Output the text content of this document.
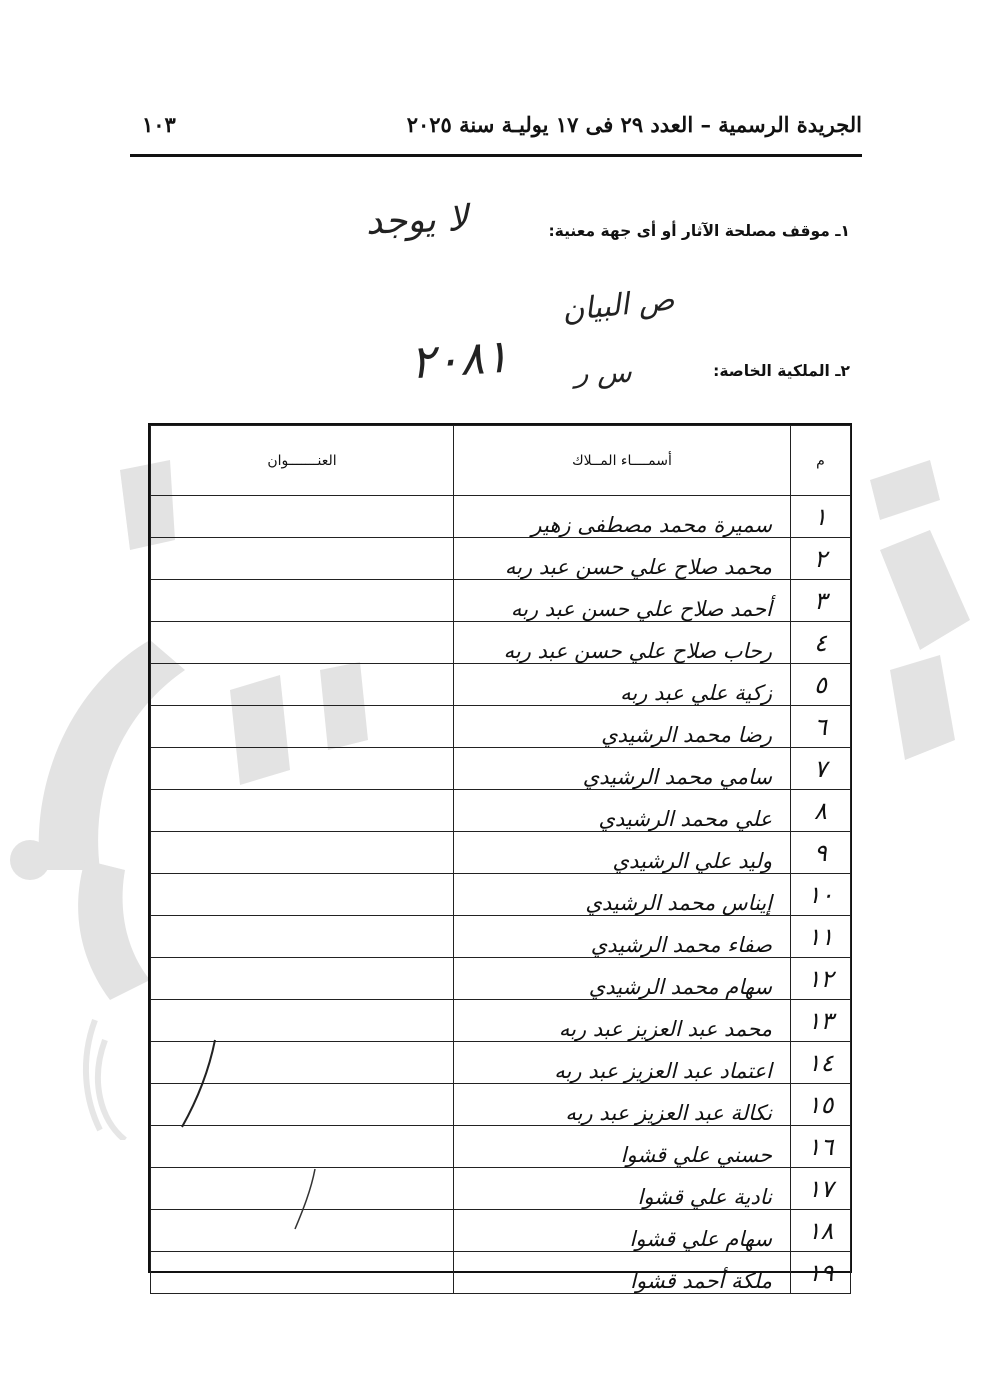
الجريدة الرسمية – العدد ٢٩ فى ١٧ يوليـة سنة ٢٠٢٥
١٠٣
١ـ موقف مصلحة الآثار أو أى جهة معنية:
لا يوجد
ص البيان
٢ـ الملكية الخاصة:
س ر
٢٠٨١
العنـــــــوان	أسمــــاء المــلاك	م

	سميرة محمد مصطفى زهير	١
	محمد صلاح علي حسن عبد ربه	٢
	أحمد صلاح علي حسن عبد ربه	٣
	رحاب صلاح علي حسن عبد ربه	٤
	زكية علي عبد ربه	٥
	رضا محمد الرشيدي	٦
	سامي محمد الرشيدي	٧
	علي محمد الرشيدي	٨
	وليد علي الرشيدي	٩
	إيناس محمد الرشيدي	١٠
	صفاء محمد الرشيدي	١١
	سهام محمد الرشيدي	١٢
	محمد عبد العزيز عبد ربه	١٣
	اعتماد عبد العزيز عبد ربه	١٤
	نكالة عبد العزيز عبد ربه	١٥
	حسني علي قشوا	١٦
	نادية علي قشوا	١٧
	سهام علي قشوا	١٨
	ملكة أحمد قشوا	١٩
